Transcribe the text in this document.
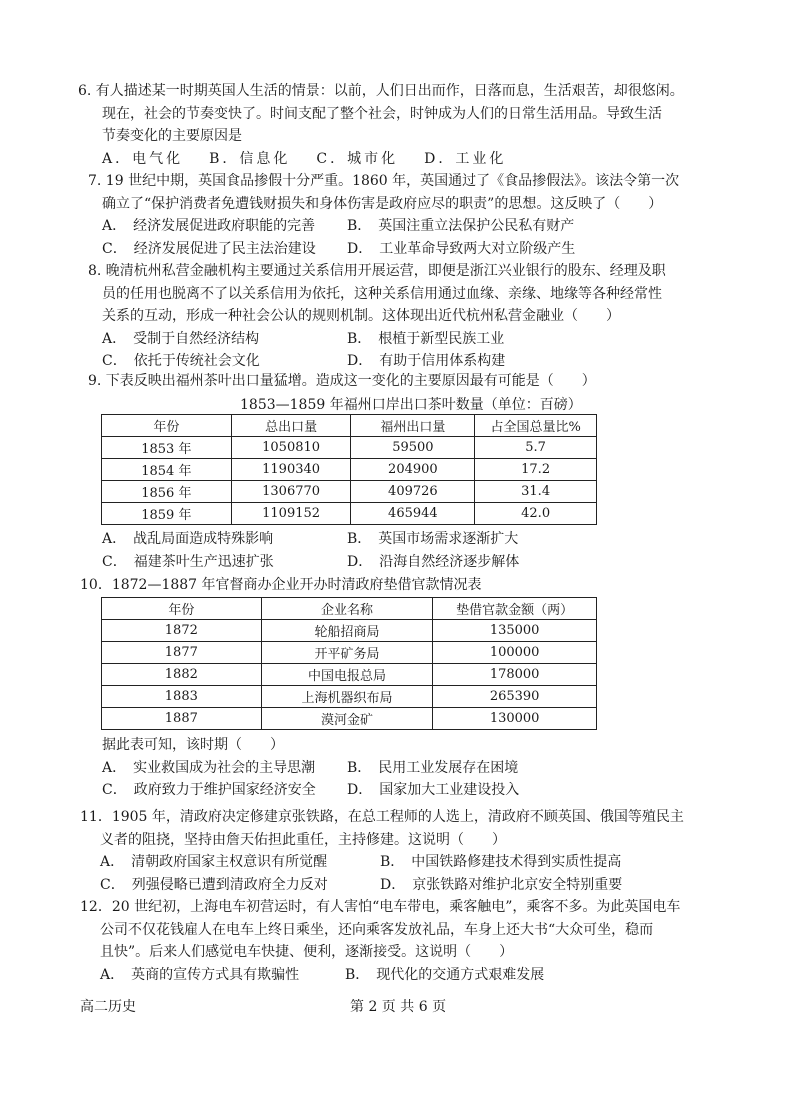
6. 有人描述某一时期英国人生活的情景：以前，人们日出而作，日落而息，生活艰苦，却很悠闲。
现在，社会的节奏变快了。时间支配了整个社会，时钟成为人们的日常生活用品。导致生活
节奏变化的主要原因是
A．电气化 B．信息化 C．城市化 D．工业化
7. 19 世纪中期，英国食品掺假十分严重。1860 年，英国通过了《食品掺假法》。该法令第一次
确立了“保护消费者免遭钱财损失和身体伤害是政府应尽的职责”的思想。这反映了（　　）
A．　经济发展促进政府职能的完善	B．　英国注重立法保护公民私有财产
C．　经济发展促进了民主法治建设	D．　工业革命导致两大对立阶级产生
8. 晚清杭州私营金融机构主要通过关系信用开展运营，即便是浙江兴业银行的股东、经理及职
员的任用也脱离不了以关系信用为依托，这种关系信用通过血缘、亲缘、地缘等各种经常性
关系的互动，形成一种社会公认的规则机制。这体现出近代杭州私营金融业（　　）
A．　受制于自然经济结构	B．　根植于新型民族工业
C．　依托于传统社会文化	D．　有助于信用体系构建
9. 下表反映出福州茶叶出口量猛增。造成这一变化的主要原因最有可能是（　　）
1853—1859 年福州口岸出口茶叶数量（单位：百磅）
年份	总出口量	福州出口量	占全国总量比%
1853 年	1050810	59500	5.7
1854 年	1190340	204900	17.2
1856 年	1306770	409726	31.4
1859 年	1109152	465944	42.0
A．　战乱局面造成特殊影响	B．　英国市场需求逐渐扩大
C．　福建茶叶生产迅速扩张	D．　沿海自然经济逐步解体
10．1872—1887 年官督商办企业开办时清政府垫借官款情况表
年份	企业名称	垫借官款金额（两）
1872	轮船招商局	135000
1877	开平矿务局	100000
1882	中国电报总局	178000
1883	上海机器织布局	265390
1887	漠河金矿	130000
据此表可知，该时期（　　）
A．　实业救国成为社会的主导思潮	B．　民用工业发展存在困境
C．　政府致力于维护国家经济安全	D．　国家加大工业建设投入
11．1905 年，清政府决定修建京张铁路，在总工程师的人选上，清政府不顾英国、俄国等殖民主
义者的阻挠，坚持由詹天佑担此重任，主持修建。这说明（　　）
A．　清朝政府国家主权意识有所觉醒	B．　中国铁路修建技术得到实质性提高
C．　列强侵略已遭到清政府全力反对	D．　京张铁路对维护北京安全特别重要
12．20 世纪初，上海电车初营运时，有人害怕“电车带电，乘客触电”，乘客不多。为此英国电车
公司不仅花钱雇人在电车上终日乘坐，还向乘客发放礼品，车身上还大书“大众可坐，稳而
且快”。后来人们感觉电车快捷、便利，逐渐接受。这说明（　　）
A．　英商的宣传方式具有欺骗性	B．　现代化的交通方式艰难发展
高二历史	第 2 页 共 6 页
